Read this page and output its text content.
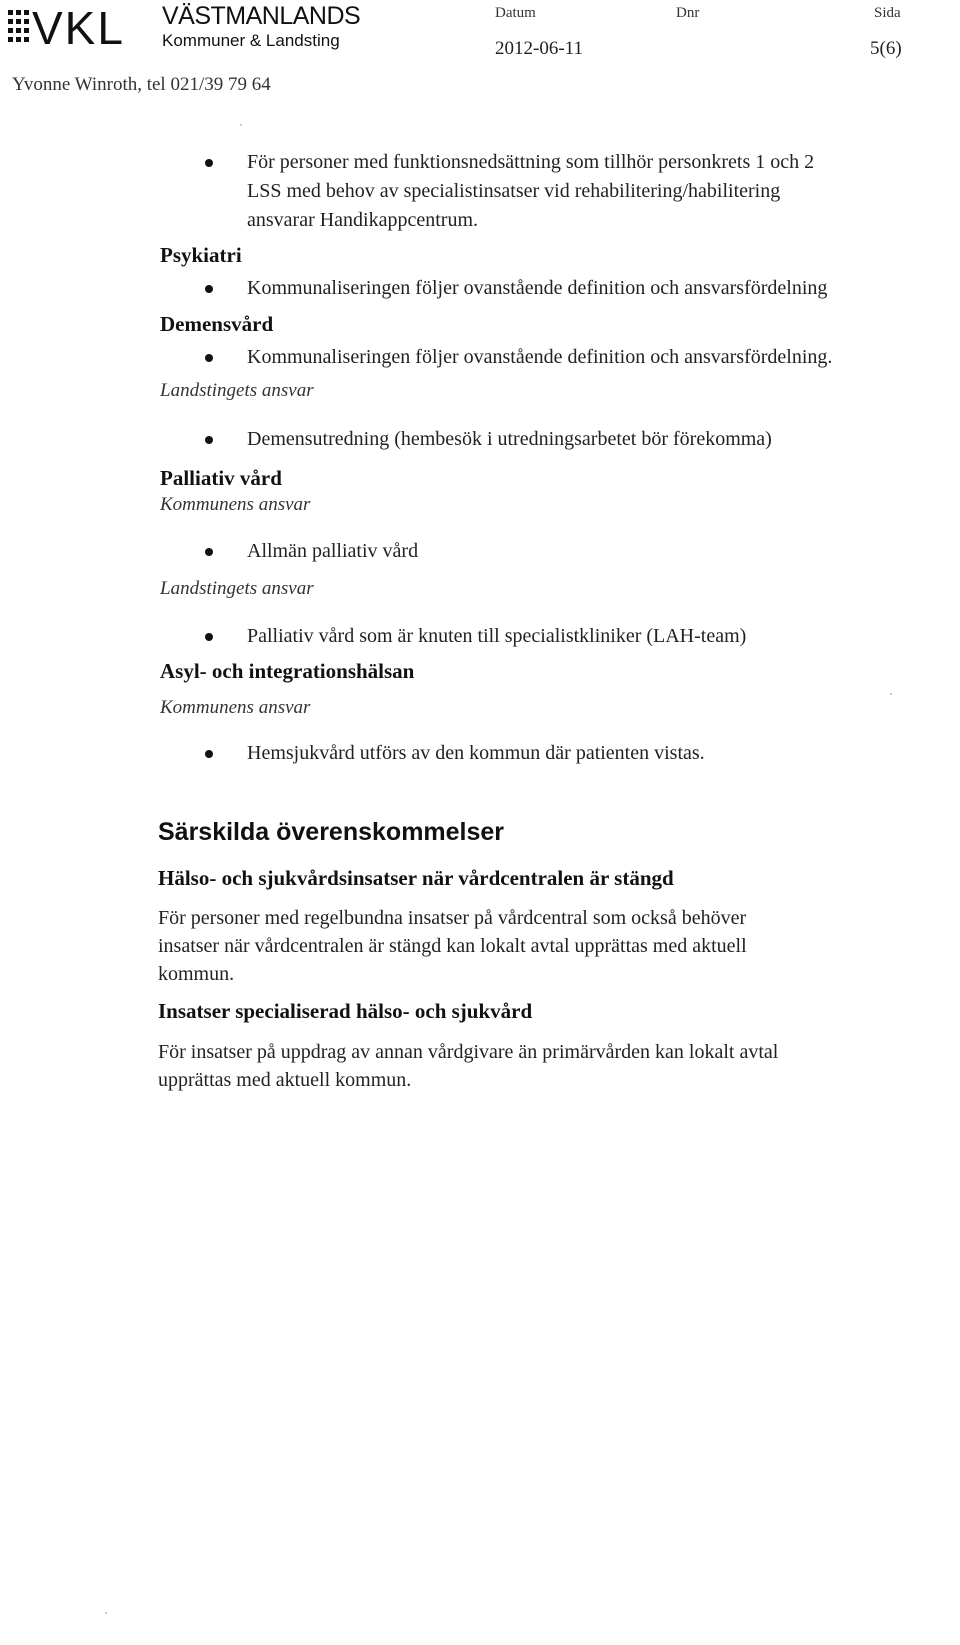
VKL VÄSTMANLANDS
Kommuner & Landsting
Datum
2012-06-11
Dnr	Sida
5(6)
Yvonne Winroth, tel 021/39 79 64
För personer med funktionsnedsättning som tillhör personkrets 1 och 2
LSS med behov av specialistinsatser vid rehabilitering/habilitering
ansvarar Handikappcentrum.
Psykiatri
Kommunaliseringen följer ovanstående definition och ansvarsfördelning
Demensvård
Kommunaliseringen följer ovanstående definition och ansvarsfördelning.
Landstingets ansvar
Demensutredning (hembesök i utredningsarbetet bör förekomma)
Palliativ vård
Kommunens ansvar
Allmän palliativ vård
Landstingets ansvar
Palliativ vård som är knuten till specialistkliniker (LAH-team)
Asyl- och integrationshälsan
Kommunens ansvar
Hemsjukvård utförs av den kommun där patienten vistas.
Särskilda överenskommelser
Hälso- och sjukvårdsinsatser när vårdcentralen är stängd
För personer med regelbundna insatser på vårdcentral som också behöver
insatser när vårdcentralen är stängd kan lokalt avtal upprättas med aktuell
kommun.
Insatser specialiserad hälso- och sjukvård
För insatser på uppdrag av annan vårdgivare än primärvården kan lokalt avtal
upprättas med aktuell kommun.
